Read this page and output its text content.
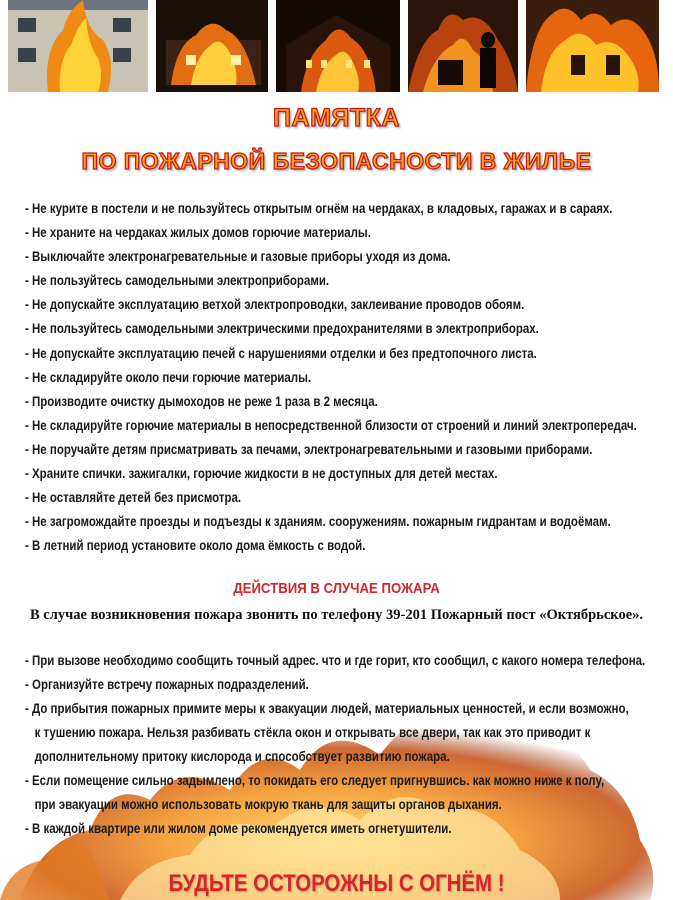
ПАМЯТКА
ПО ПОЖАРНОЙ БЕЗОПАСНОСТИ В ЖИЛЬЕ
- Не курите в постели и не пользуйтесь открытым огнём на чердаках, в кладовых, гаражах и в сараях.
- Не храните на чердаках жилых домов горючие материалы.
- Выключайте электронагревательные и газовые приборы уходя из дома.
- Не пользуйтесь самодельными электроприборами.
- Не допускайте эксплуатацию ветхой электропроводки, заклеивание проводов обоям.
- Не пользуйтесь самодельными электрическими предохранителями в электроприборах.
- Не допускайте эксплуатацию печей с нарушениями отделки и без предтопочного листа.
- Не складируйте около печи горючие материалы.
- Производите очистку дымоходов не реже 1 раза в 2 месяца.
- Не складируйте горючие материалы в непосредственной близости от строений и линий электропередач.
- Не поручайте детям присматривать за печами, электронагревательными и газовыми приборами.
- Храните спички. зажигалки, горючие жидкости в не доступных для детей местах.
- Не оставляйте детей без присмотра.
- Не загромождайте проезды и подъезды к зданиям. сооружениям. пожарным гидрантам и водоёмам.
- В летний период установите около дома ёмкость с водой.
ДЕЙСТВИЯ В СЛУЧАЕ ПОЖАРА
В случае возникновения пожара звонить по телефону 39-201 Пожарный пост «Октябрьское».
- При вызове необходимо сообщить точный адрес. что и где горит, кто сообщил, с какого номера телефона.
- Организуйте встречу пожарных подразделений.
- До прибытия пожарных примите меры к эвакуации людей, материальных ценностей, и если возможно,
к тушению пожара. Нельзя разбивать стёкла окон и открывать все двери, так как это приводит к
дополнительному притоку кислорода и способствует развитию пожара.
- Если помещение сильно задымлено, то покидать его следует пригнувшись. как можно ниже к полу,
при эвакуации можно использовать мокрую ткань для защиты органов дыхания.
- В каждой квартире или жилом доме рекомендуется иметь огнетушители.
БУДЬТЕ ОСТОРОЖНЫ С ОГНЁМ !
